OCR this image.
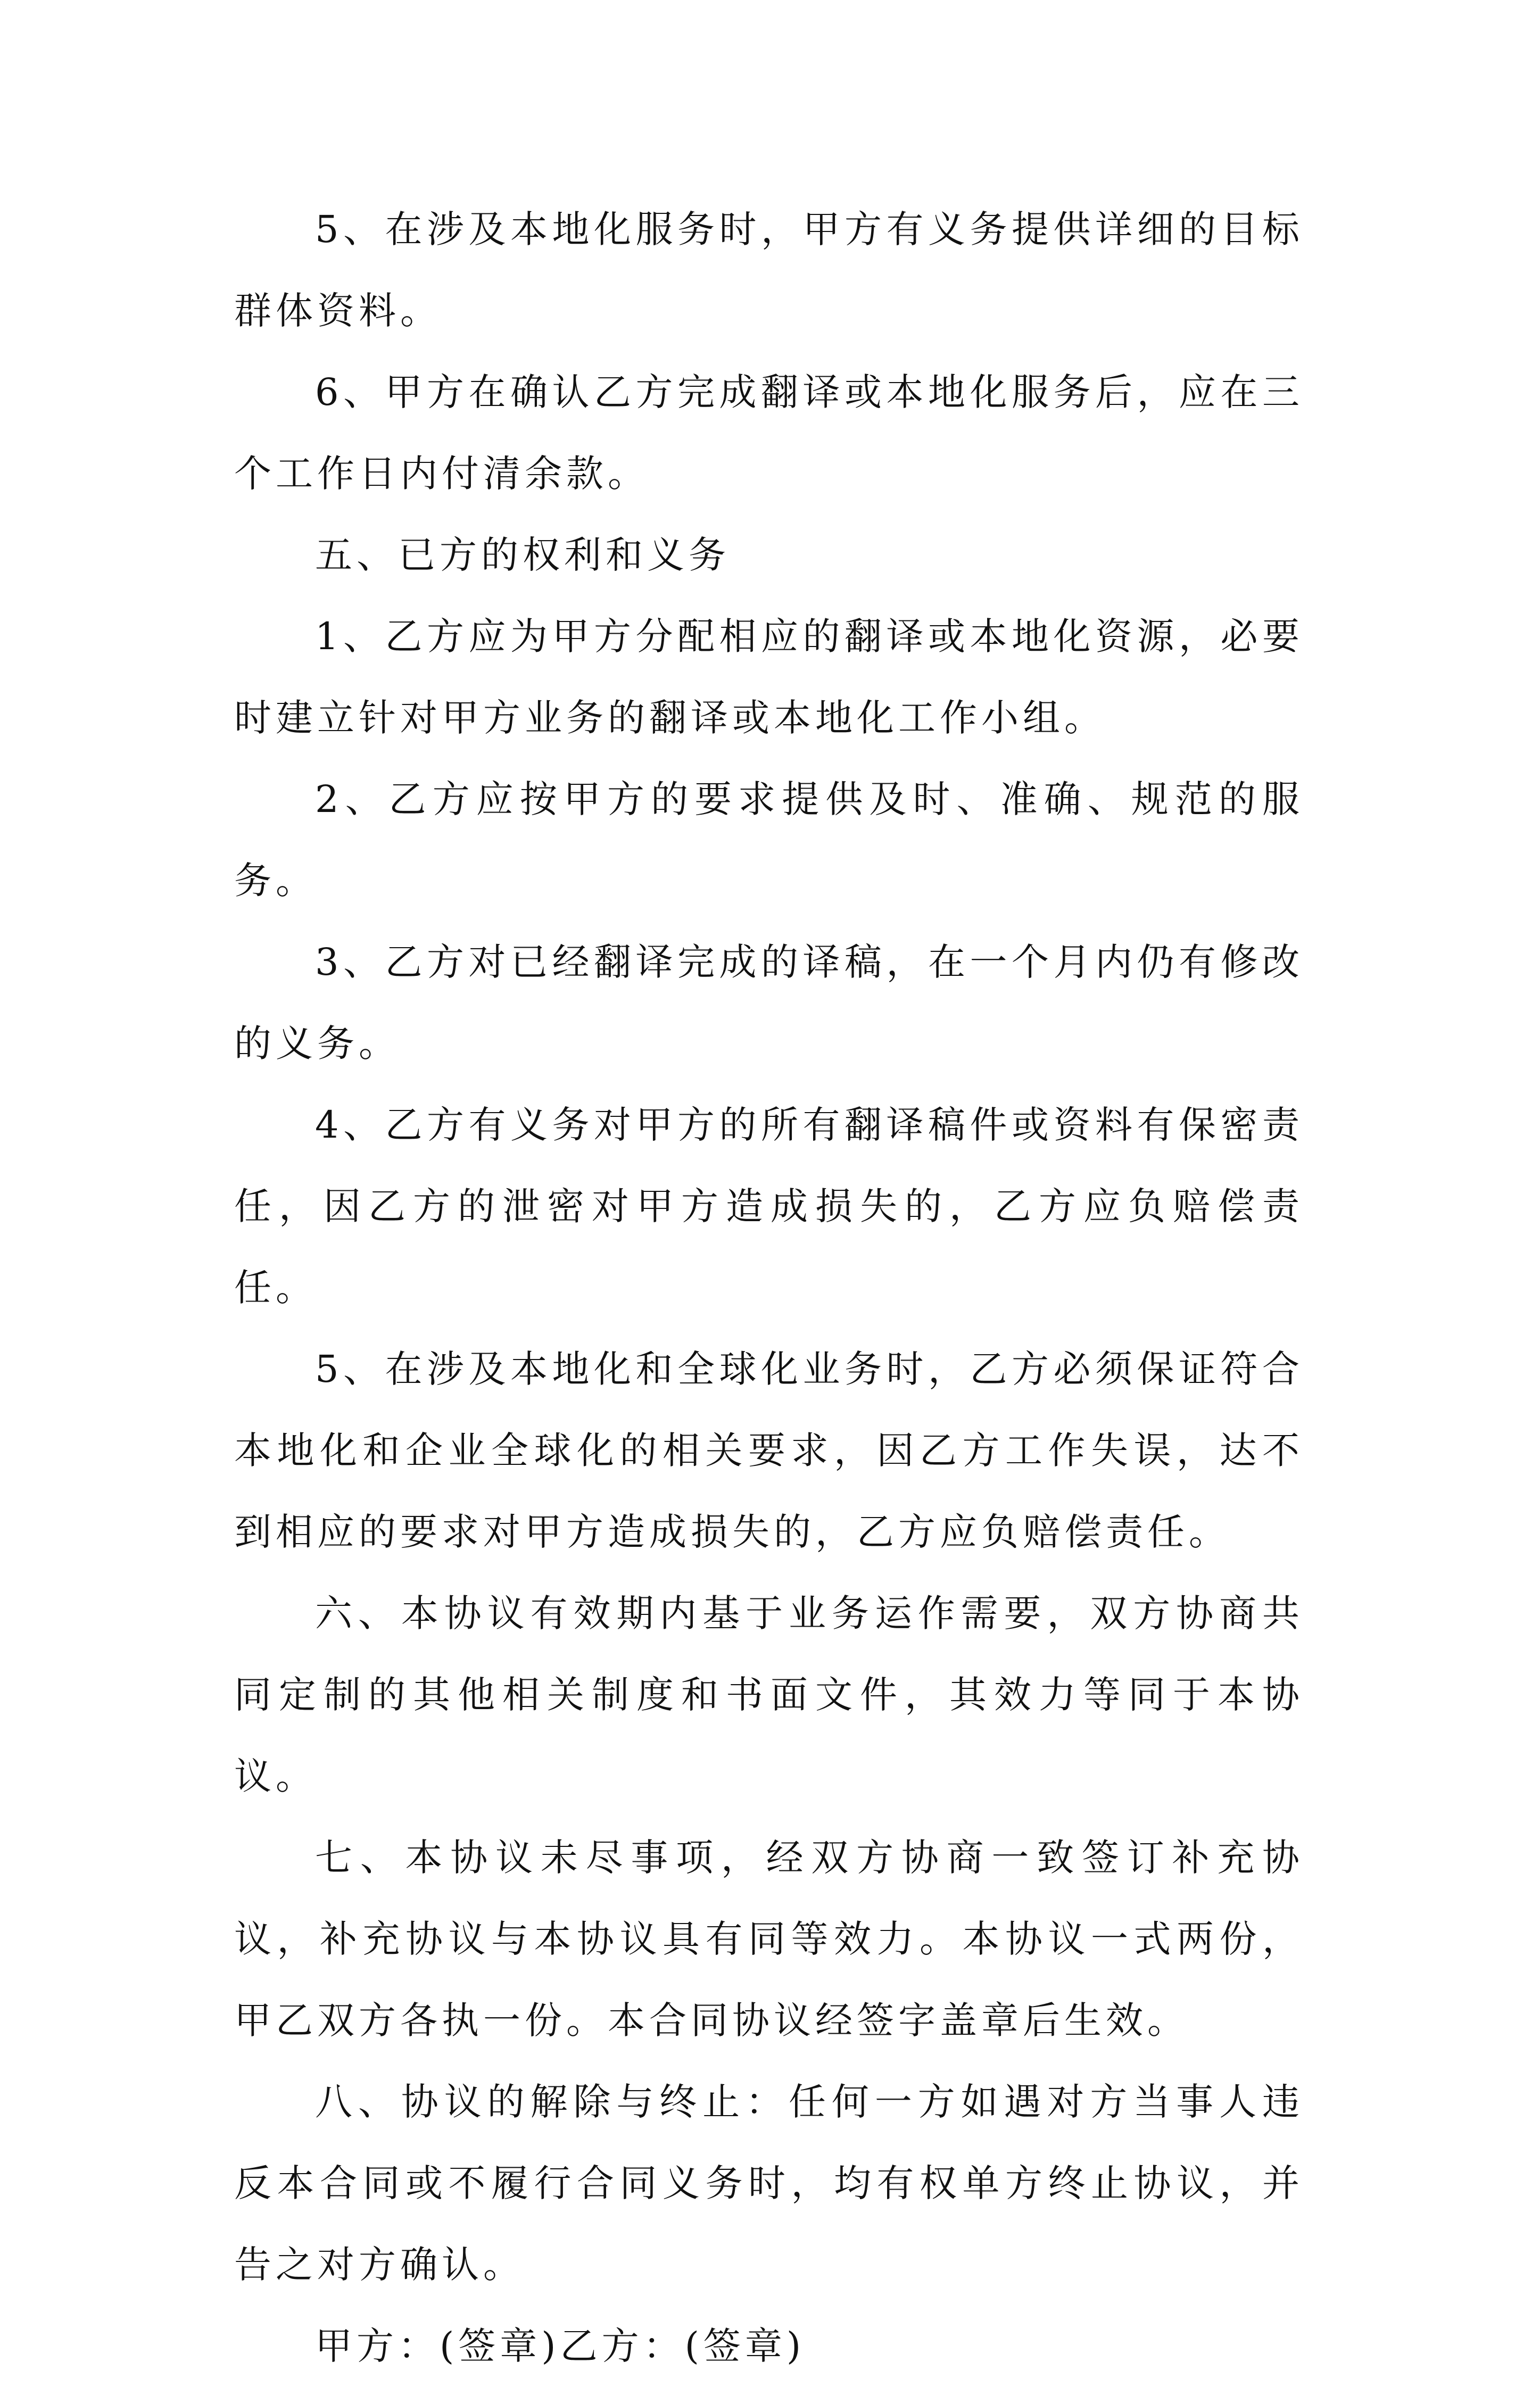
5、在涉及本地化服务时，甲方有义务提供详细的目标群体资料。

6、甲方在确认乙方完成翻译或本地化服务后，应在三个工作日内付清余款。

五、已方的权利和义务

1、乙方应为甲方分配相应的翻译或本地化资源，必要时建立针对甲方业务的翻译或本地化工作小组。

2、乙方应按甲方的要求提供及时、准确、规范的服务。

3、乙方对已经翻译完成的译稿，在一个月内仍有修改的义务。

4、乙方有义务对甲方的所有翻译稿件或资料有保密责任，因乙方的泄密对甲方造成损失的，乙方应负赔偿责任。

5、在涉及本地化和全球化业务时，乙方必须保证符合本地化和企业全球化的相关要求，因乙方工作失误，达不到相应的要求对甲方造成损失的，乙方应负赔偿责任。

六、本协议有效期内基于业务运作需要，双方协商共同定制的其他相关制度和书面文件，其效力等同于本协议。

七、本协议未尽事项，经双方协商一致签订补充协议，补充协议与本协议具有同等效力。本协议一式两份，甲乙双方各执一份。本合同协议经签字盖章后生效。

八、协议的解除与终止：任何一方如遇对方当事人违反本合同或不履行合同义务时，均有权单方终止协议，并告之对方确认。

甲方：(签章)乙方：(签章)
